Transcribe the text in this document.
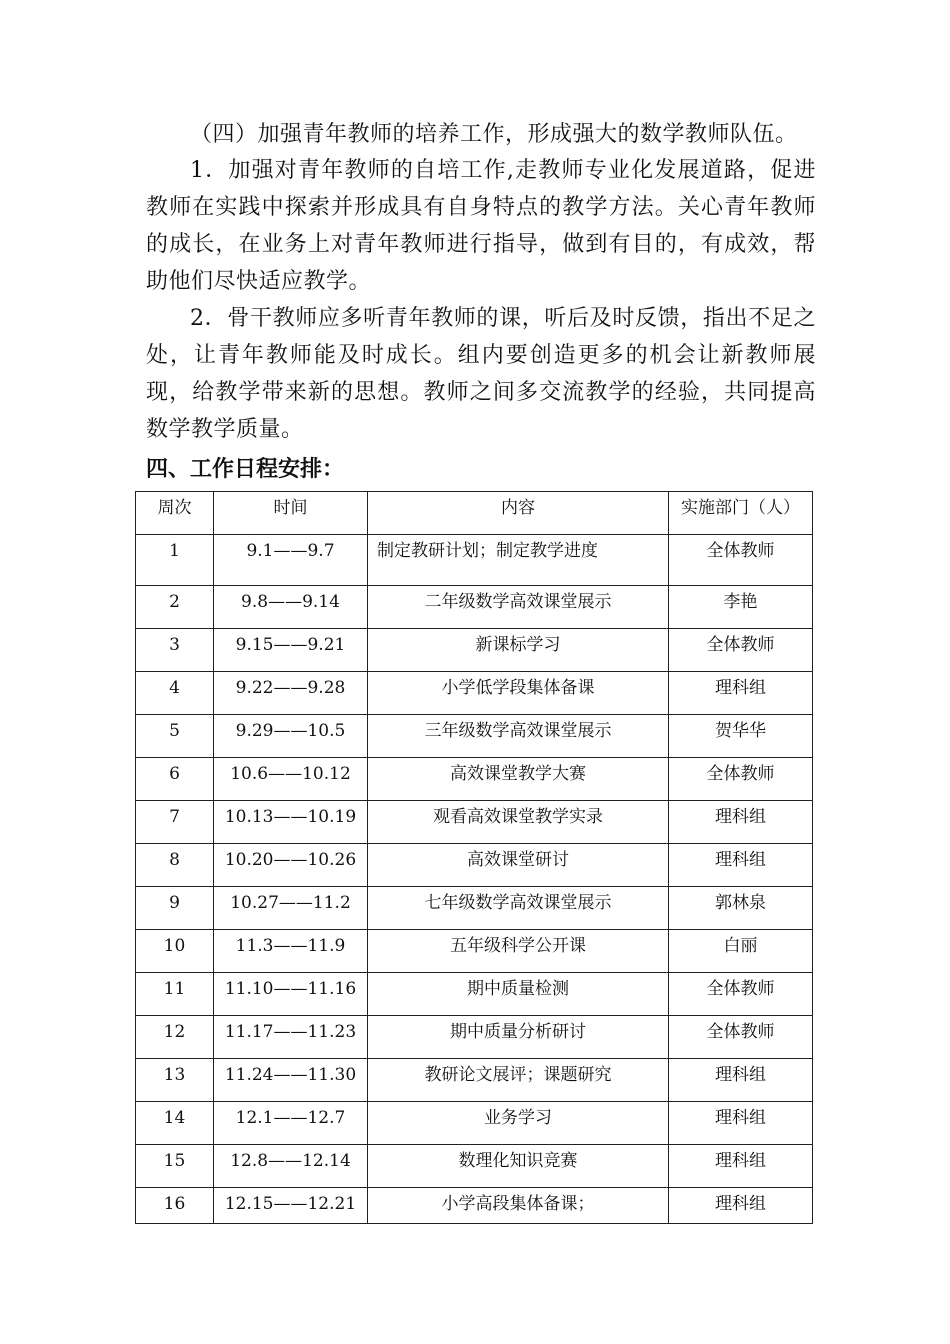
（四）加强青年教师的培养工作，形成强大的数学教师队伍。

1．加强对青年教师的自培工作,走教师专业化发展道路，促进教师在实践中探索并形成具有自身特点的教学方法。关心青年教师的成长，在业务上对青年教师进行指导，做到有目的，有成效，帮助他们尽快适应教学。

2．骨干教师应多听青年教师的课，听后及时反馈，指出不足之处，让青年教师能及时成长。组内要创造更多的机会让新教师展现，给教学带来新的思想。教师之间多交流教学的经验，共同提高数学教学质量。

四、工作日程安排：
周次	时间	内容	实施部门（人）
1	9.1——9.7	制定教研计划；制定教学进度	全体教师
2	9.8——9.14	二年级数学高效课堂展示	李艳
3	9.15——9.21	新课标学习	全体教师
4	9.22——9.28	小学低学段集体备课	理科组
5	9.29——10.5	三年级数学高效课堂展示	贺华华
6	10.6——10.12	高效课堂教学大赛	全体教师
7	10.13——10.19	观看高效课堂教学实录	理科组
8	10.20——10.26	高效课堂研讨	理科组
9	10.27——11.2	七年级数学高效课堂展示	郭林泉
10	11.3——11.9	五年级科学公开课	白丽
11	11.10——11.16	期中质量检测	全体教师
12	11.17——11.23	期中质量分析研讨	全体教师
13	11.24——11.30	教研论文展评；课题研究	理科组
14	12.1——12.7	业务学习	理科组
15	12.8——12.14	数理化知识竞赛	理科组
16	12.15——12.21	小学高段集体备课；	理科组
